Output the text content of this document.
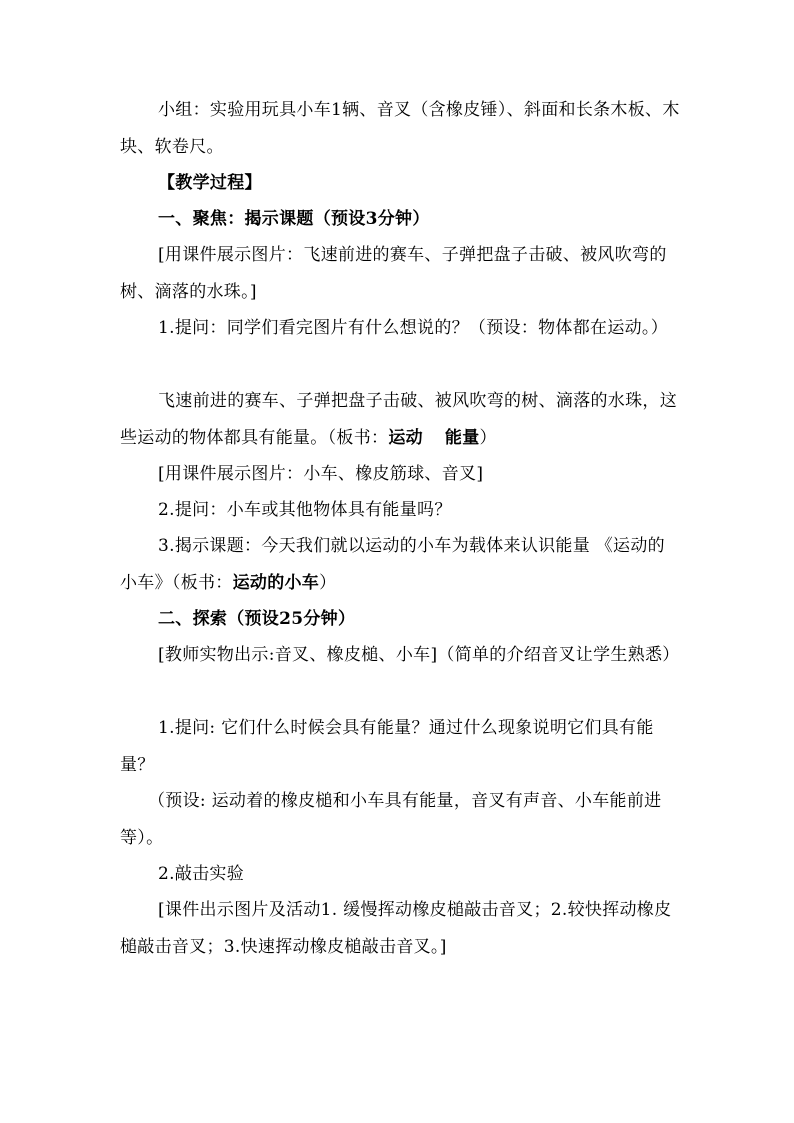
小组：实验用玩具小车1辆、音叉（含橡皮锤）、斜面和长条木板、木块、软卷尺。
【教学过程】
一、聚焦：揭示课题（预设3分钟）
[用课件展示图片：飞速前进的赛车、子弹把盘子击破、被风吹弯的树、滴落的水珠。]
1.提问：同学们看完图片有什么想说的？（预设：物体都在运动。）
飞速前进的赛车、子弹把盘子击破、被风吹弯的树、滴落的水珠，这些运动的物体都具有能量。（板书：运动 能量）
[用课件展示图片：小车、橡皮筋球、音叉]
2.提问：小车或其他物体具有能量吗？
3.揭示课题：今天我们就以运动的小车为载体来认识能量 《运动的小车》（板书：运动的小车）
二、探索（预设25分钟）
[教师实物出示:音叉、橡皮槌、小车]（简单的介绍音叉让学生熟悉）
1.提问: 它们什么时候会具有能量？通过什么现象说明它们具有能量？
（预设: 运动着的橡皮槌和小车具有能量，音叉有声音、小车能前进等）。
2.敲击实验
[课件出示图片及活动1. 缓慢挥动橡皮槌敲击音叉；2.较快挥动橡皮槌敲击音叉；3.快速挥动橡皮槌敲击音叉。]
